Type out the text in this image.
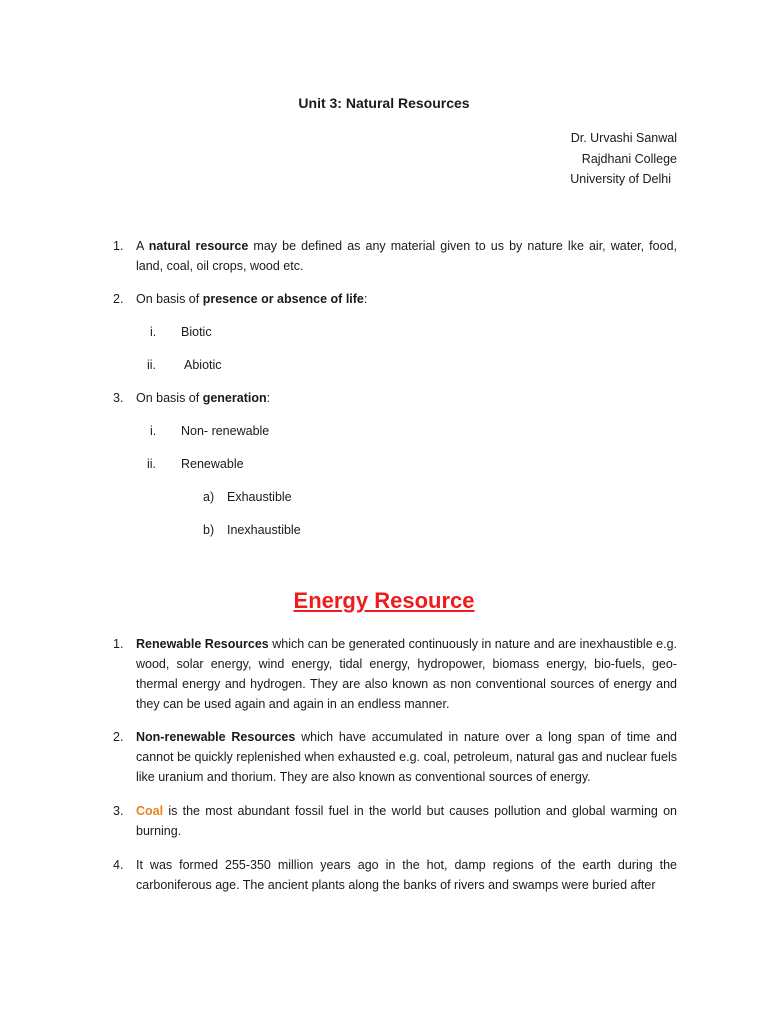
Unit 3: Natural Resources
Dr. Urvashi Sanwal
Rajdhani College
University of Delhi
1. A natural resource may be defined as any material given to us by nature lke air, water, food, land, coal, oil crops, wood etc.
2. On basis of presence or absence of life:
i. Biotic
ii. Abiotic
3. On basis of generation:
i. Non- renewable
ii. Renewable
a) Exhaustible
b) Inexhaustible
Energy Resource
1. Renewable Resources which can be generated continuously in nature and are inexhaustible e.g. wood, solar energy, wind energy, tidal energy, hydropower, biomass energy, bio-fuels, geo-thermal energy and hydrogen. They are also known as non conventional sources of energy and they can be used again and again in an endless manner.
2. Non-renewable Resources which have accumulated in nature over a long span of time and cannot be quickly replenished when exhausted e.g. coal, petroleum, natural gas and nuclear fuels like uranium and thorium. They are also known as conventional sources of energy.
3. Coal is the most abundant fossil fuel in the world but causes pollution and global warming on burning.
4. It was formed 255-350 million years ago in the hot, damp regions of the earth during the carboniferous age. The ancient plants along the banks of rivers and swamps were buried after
